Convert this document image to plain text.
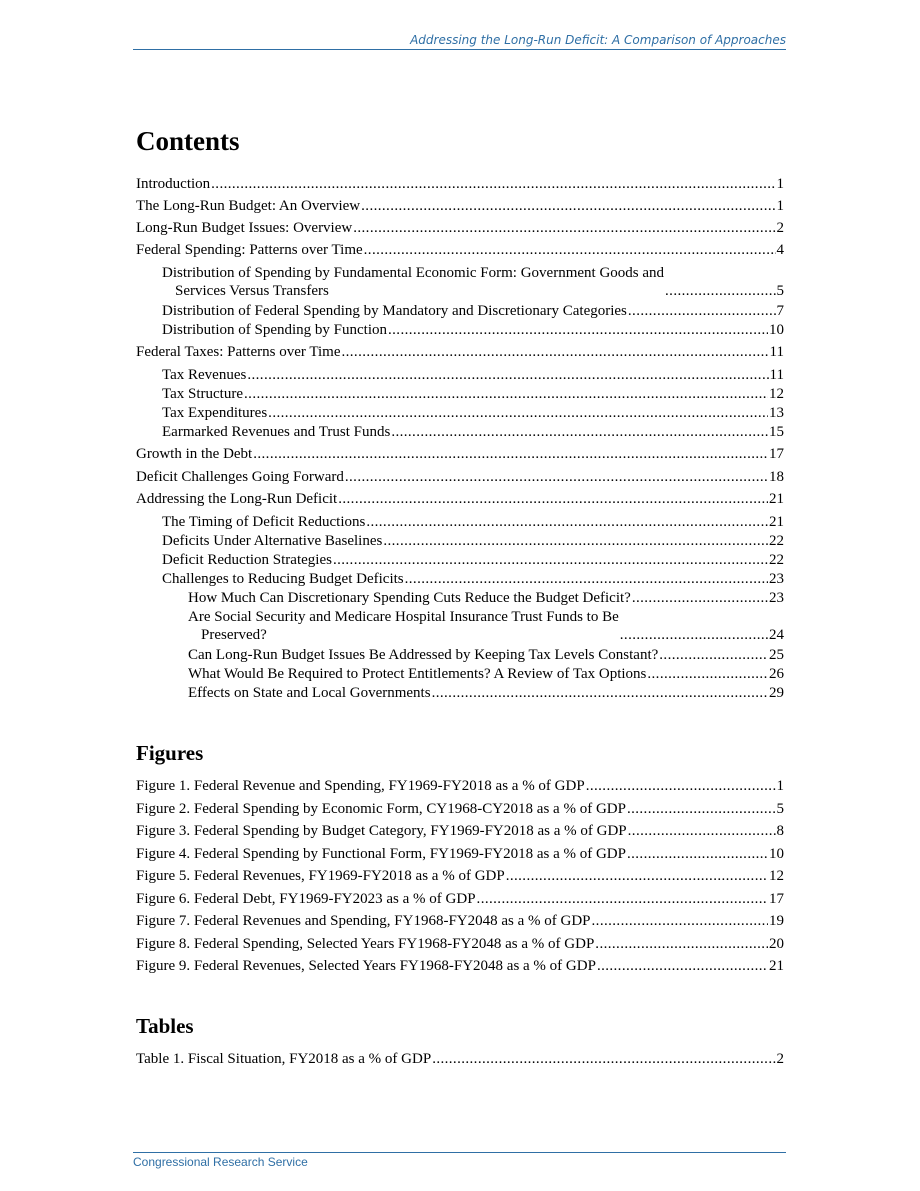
Addressing the Long-Run Deficit: A Comparison of Approaches
Contents
Introduction .....	1
The Long-Run Budget: An Overview .....	1
Long-Run Budget Issues: Overview .....	2
Federal Spending: Patterns over Time .....	4
Distribution of Spending by Fundamental Economic Form: Government Goods and
Services Versus Transfers .....	5
Distribution of Federal Spending by Mandatory and Discretionary Categories .....	7
Distribution of Spending by Function .....	10
Federal Taxes: Patterns over Time .....	11
Tax Revenues .....	11
Tax Structure .....	12
Tax Expenditures .....	13
Earmarked Revenues and Trust Funds .....	15
Growth in the Debt .....	17
Deficit Challenges Going Forward .....	18
Addressing the Long-Run Deficit .....	21
The Timing of Deficit Reductions .....	21
Deficits Under Alternative Baselines .....	22
Deficit Reduction Strategies .....	22
Challenges to Reducing Budget Deficits .....	23
How Much Can Discretionary Spending Cuts Reduce the Budget Deficit? .....	23
Are Social Security and Medicare Hospital Insurance Trust Funds to Be
Preserved? .....	24
Can Long-Run Budget Issues Be Addressed by Keeping Tax Levels Constant? .....	25
What Would Be Required to Protect Entitlements? A Review of Tax Options .....	26
Effects on State and Local Governments .....	29
Figures
Figure 1. Federal Revenue and Spending, FY1969-FY2018 as a % of GDP .....	1
Figure 2. Federal Spending by Economic Form, CY1968-CY2018 as a % of GDP .....	5
Figure 3. Federal Spending by Budget Category, FY1969-FY2018 as a % of GDP .....	8
Figure 4. Federal Spending by Functional Form, FY1969-FY2018 as a % of GDP .....	10
Figure 5. Federal Revenues, FY1969-FY2018 as a % of GDP .....	12
Figure 6. Federal Debt, FY1969-FY2023 as a % of GDP .....	17
Figure 7. Federal Revenues and Spending, FY1968-FY2048 as a % of GDP .....	19
Figure 8. Federal Spending, Selected Years FY1968-FY2048 as a % of GDP .....	20
Figure 9. Federal Revenues, Selected Years FY1968-FY2048 as a % of GDP .....	21
Tables
Table 1. Fiscal Situation, FY2018 as a % of GDP .....	2
Congressional Research Service
